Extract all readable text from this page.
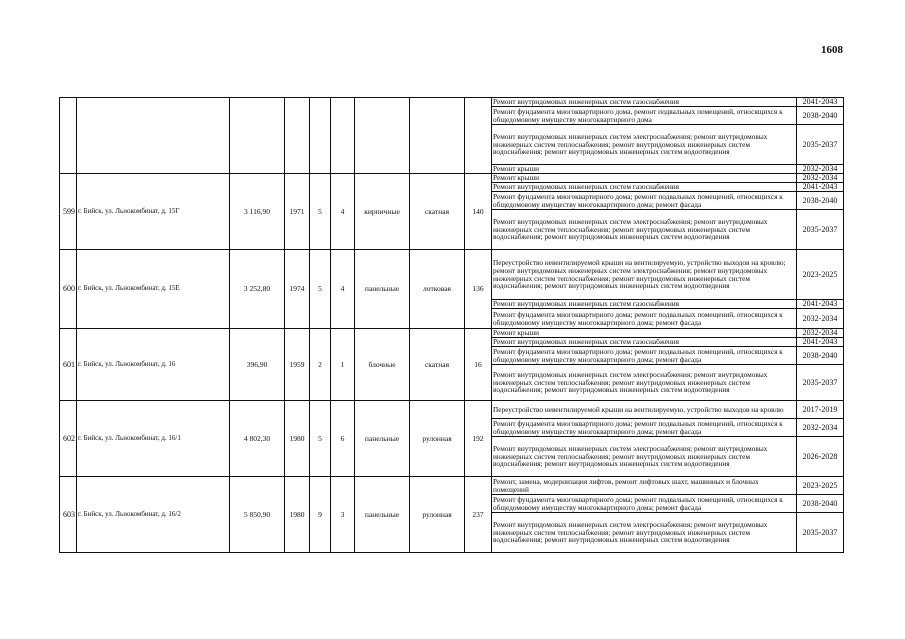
1608
									Ремонт внутридомовых инженерных систем газоснабжения	2041-2043
									Ремонт фундамента многоквартирного дома, ремонт подвальных помещений, относящихся к общедомовому имуществу многоквартирного дома	2038-2040
									Ремонт внутридомовых инженерных систем электроснабжения; ремонт внутридомовых инженерных систем теплоснабжения; ремонт внутридомовых инженерных систем водоснабжения; ремонт внутридомовых инженерных систем водоотведения	2035-2037
									Ремонт крыши	2032-2034
599	г. Бийск, ул. Льнокомбинат, д. 15Г	3 116,90	1971	5	4	кирпичные	скатная	140	Ремонт крыши	2032-2034
									Ремонт внутридомовых инженерных систем газоснабжения	2041-2043
									Ремонт фундамента многоквартирного дома; ремонт подвальных помещений, относящихся к общедомовому имуществу многоквартирного дома; ремонт фасада	2038-2040
									Ремонт внутридомовых инженерных систем электроснабжения; ремонт внутридомовых инженерных систем теплоснабжения; ремонт внутридомовых инженерных систем водоснабжения; ремонт внутридомовых инженерных систем водоотведения	2035-2037
600	г. Бийск, ул. Льнокомбинат, д. 15Е	3 252,80	1974	5	4	панельные	лотковая	136	Переустройство невентилируемой крыши на вентилируемую, устройство выходов на кровлю; ремонт внутридомовых инженерных систем электроснабжения; ремонт внутридомовых инженерных систем теплоснабжения; ремонт внутридомовых инженерных систем водоснабжения; ремонт внутридомовых инженерных систем водоотведения	2023-2025
									Ремонт внутридомовых инженерных систем газоснабжения	2041-2043
									Ремонт фундамента многоквартирного дома; ремонт подвальных помещений, относящихся к общедомовому имуществу многоквартирного дома; ремонт фасада	2032-2034
601	г. Бийск, ул. Льнокомбинат, д. 16	396,90	1959	2	1	блочные	скатная	16	Ремонт крыши	2032-2034
									Ремонт внутридомовых инженерных систем газоснабжения	2041-2043
									Ремонт фундамента многоквартирного дома; ремонт подвальных помещений, относящихся к общедомовому имуществу многоквартирного дома; ремонт фасада	2038-2040
									Ремонт внутридомовых инженерных систем электроснабжения; ремонт внутридомовых инженерных систем теплоснабжения; ремонт внутридомовых инженерных систем водоснабжения; ремонт внутридомовых инженерных систем водоотведения	2035-2037
602	г. Бийск, ул. Льнокомбинат, д. 16/1	4 802,30	1980	5	6	панельные	рулонная	192	Переустройство невентилируемой крыши на вентилируемую, устройство выходов на кровлю	2017-2019
									Ремонт фундамента многоквартирного дома; ремонт подвальных помещений, относящихся к общедомовому имуществу многоквартирного дома; ремонт фасада	2032-2034
									Ремонт внутридомовых инженерных систем электроснабжения; ремонт внутридомовых инженерных систем теплоснабжения; ремонт внутридомовых инженерных систем водоснабжения; ремонт внутридомовых инженерных систем водоотведения	2026-2028
603	г. Бийск, ул. Льнокомбинат, д. 16/2	5 850,90	1980	9	3	панельные	рулонная	237	Ремонт, замена, модернизация лифтов, ремонт лифтовых шахт, машинных и блочных помещений	2023-2025
									Ремонт фундамента многоквартирного дома; ремонт подвальных помещений, относящихся к общедомовому имуществу многоквартирного дома; ремонт фасада	2038-2040
									Ремонт внутридомовых инженерных систем электроснабжения; ремонт внутридомовых инженерных систем теплоснабжения; ремонт внутридомовых инженерных систем водоснабжения; ремонт внутридомовых инженерных систем водоотведения	2035-2037
